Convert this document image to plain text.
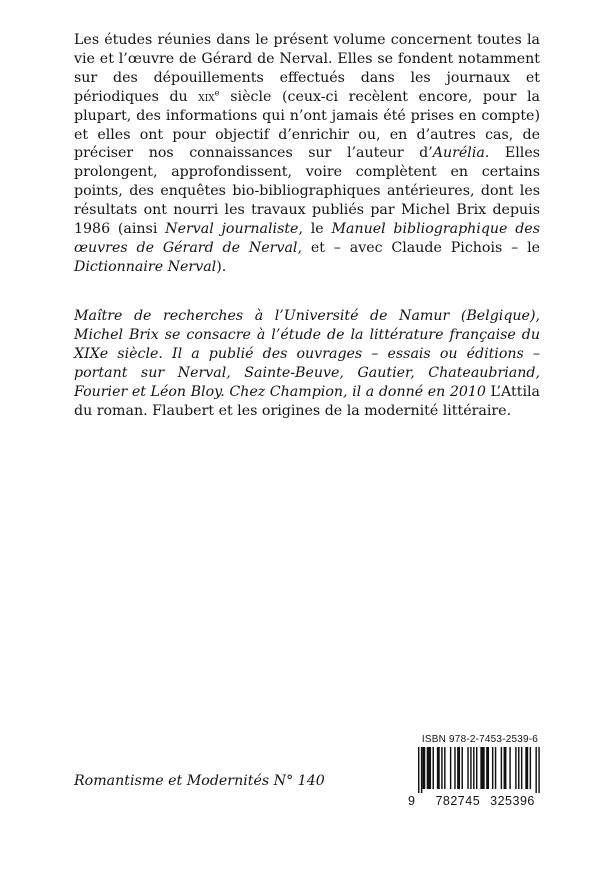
Les études réunies dans le présent volume concernent toutes la vie et l’œuvre de Gérard de Nerval. Elles se fondent notamment sur des dépouillements effectués dans les journaux et périodiques du xix$^e$ siècle (ceux-ci recèlent encore, pour la plupart, des informations qui n’ont jamais été prises en compte) et elles ont pour objectif d’enrichir ou, en d’autres cas, de préciser nos connaissances sur l’auteur d’Aurélia. Elles prolongent, approfondissent, voire complètent en certains points, des enquêtes bio-bibliographiques antérieures, dont les résultats ont nourri les travaux publiés par Michel Brix depuis 1986 (ainsi Nerval journaliste, le Manuel bibliographique des œuvres de Gérard de Nerval, et – avec Claude Pichois – le Dictionnaire Nerval).

Maître de recherches à l’Université de Namur (Belgique), Michel Brix se consacre à l’étude de la littérature française du XIXe siècle. Il a publié des ouvrages – essais ou éditions – portant sur Nerval, Sainte-Beuve, Gautier, Chateaubriand, Fourier et Léon Bloy. Chez Champion, il a donné en 2010 L’Attila du roman. Flaubert et les origines de la modernité littéraire.

Romantisme et Modernités N° 140

ISBN 978-2-7453-2539-6

9 782745 325396
